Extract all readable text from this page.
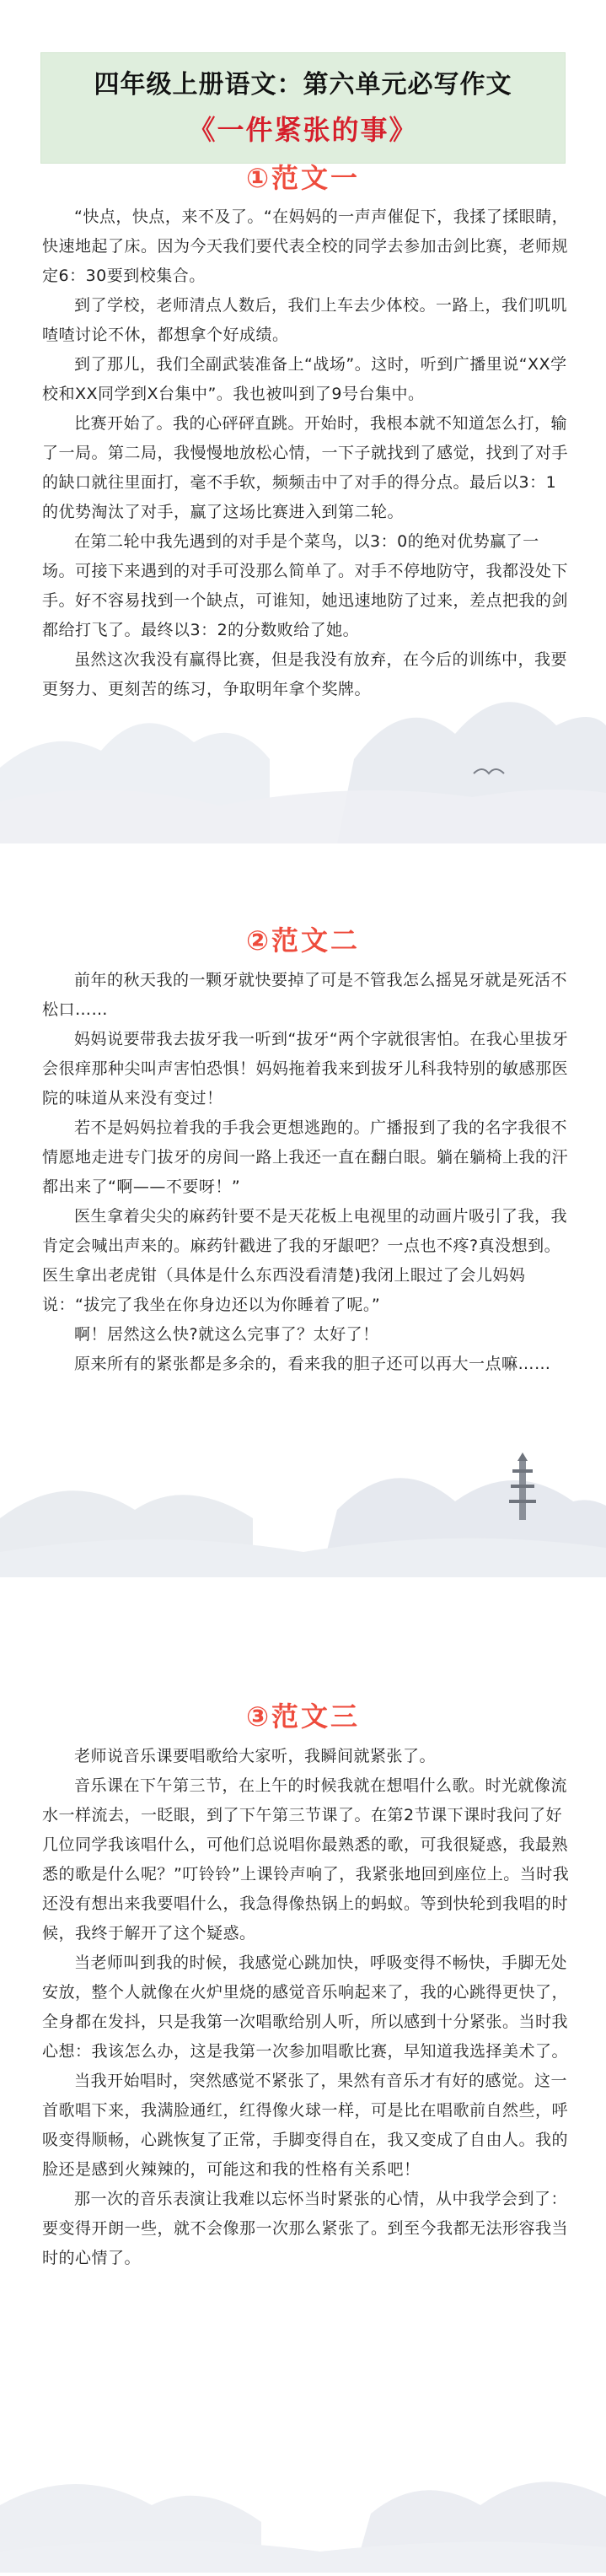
四年级上册语文：第六单元必写作文
《一件紧张的事》
①范文一

“快点，快点，来不及了。“在妈妈的一声声催促下，我揉了揉眼睛，快速地起了床。因为今天我们要代表全校的同学去参加击剑比赛，老师规定6：30要到校集合。

到了学校，老师清点人数后，我们上车去少体校。一路上，我们叽叽喳喳讨论不休，都想拿个好成绩。

到了那儿，我们全副武装准备上“战场”。这时，听到广播里说“XX学校和XX同学到X台集中”。我也被叫到了9号台集中。

比赛开始了。我的心砰砰直跳。开始时，我根本就不知道怎么打，输了一局。第二局，我慢慢地放松心情，一下子就找到了感觉，找到了对手的缺口就往里面打，毫不手软，频频击中了对手的得分点。最后以3：1的优势淘汰了对手，赢了这场比赛进入到第二轮。

在第二轮中我先遇到的对手是个菜鸟，以3：0的绝对优势赢了一场。可接下来遇到的对手可没那么简单了。对手不停地防守，我都没处下手。好不容易找到一个缺点，可谁知，她迅速地防了过来，差点把我的剑都给打飞了。最终以3：2的分数败给了她。

虽然这次我没有赢得比赛，但是我没有放弃，在今后的训练中，我要更努力、更刻苦的练习，争取明年拿个奖牌。

②范文二

前年的秋天我的一颗牙就快要掉了可是不管我怎么摇晃牙就是死活不松口……

妈妈说要带我去拔牙我一听到“拔牙“两个字就很害怕。在我心里拔牙会很痒那种尖叫声害怕恐惧！妈妈拖着我来到拔牙儿科我特别的敏感那医院的味道从来没有变过！

若不是妈妈拉着我的手我会更想逃跑的。广播报到了我的名字我很不情愿地走进专门拔牙的房间一路上我还一直在翻白眼。躺在躺椅上我的汗都出来了“啊——不要呀！”

医生拿着尖尖的麻药针要不是天花板上电视里的动画片吸引了我，我肯定会喊出声来的。麻药针戳进了我的牙龈吧？一点也不疼?真没想到。医生拿出老虎钳（具体是什么东西没看清楚)我闭上眼过了会儿妈妈说：“拔完了我坐在你身边还以为你睡着了呢。”

啊！居然这么快?就这么完事了？太好了！

原来所有的紧张都是多余的，看来我的胆子还可以再大一点嘛……

③范文三

老师说音乐课要唱歌给大家听，我瞬间就紧张了。

音乐课在下午第三节，在上午的时候我就在想唱什么歌。时光就像流水一样流去，一眨眼，到了下午第三节课了。在第2节课下课时我问了好几位同学我该唱什么，可他们总说唱你最熟悉的歌，可我很疑惑，我最熟悉的歌是什么呢？”叮铃铃”上课铃声响了，我紧张地回到座位上。当时我还没有想出来我要唱什么，我急得像热锅上的蚂蚁。等到快轮到我唱的时候，我终于解开了这个疑惑。

当老师叫到我的时候，我感觉心跳加快，呼吸变得不畅快，手脚无处安放，整个人就像在火炉里烧的感觉音乐响起来了，我的心跳得更快了，全身都在发抖，只是我第一次唱歌给别人听，所以感到十分紧张。当时我心想：我该怎么办，这是我第一次参加唱歌比赛，早知道我选择美术了。

当我开始唱时，突然感觉不紧张了，果然有音乐才有好的感觉。这一首歌唱下来，我满脸通红，红得像火球一样，可是比在唱歌前自然些，呼吸变得顺畅，心跳恢复了正常，手脚变得自在，我又变成了自由人。我的脸还是感到火辣辣的，可能这和我的性格有关系吧！

那一次的音乐表演让我难以忘怀当时紧张的心情，从中我学会到了：要变得开朗一些，就不会像那一次那么紧张了。到至今我都无法形容我当时的心情了。
